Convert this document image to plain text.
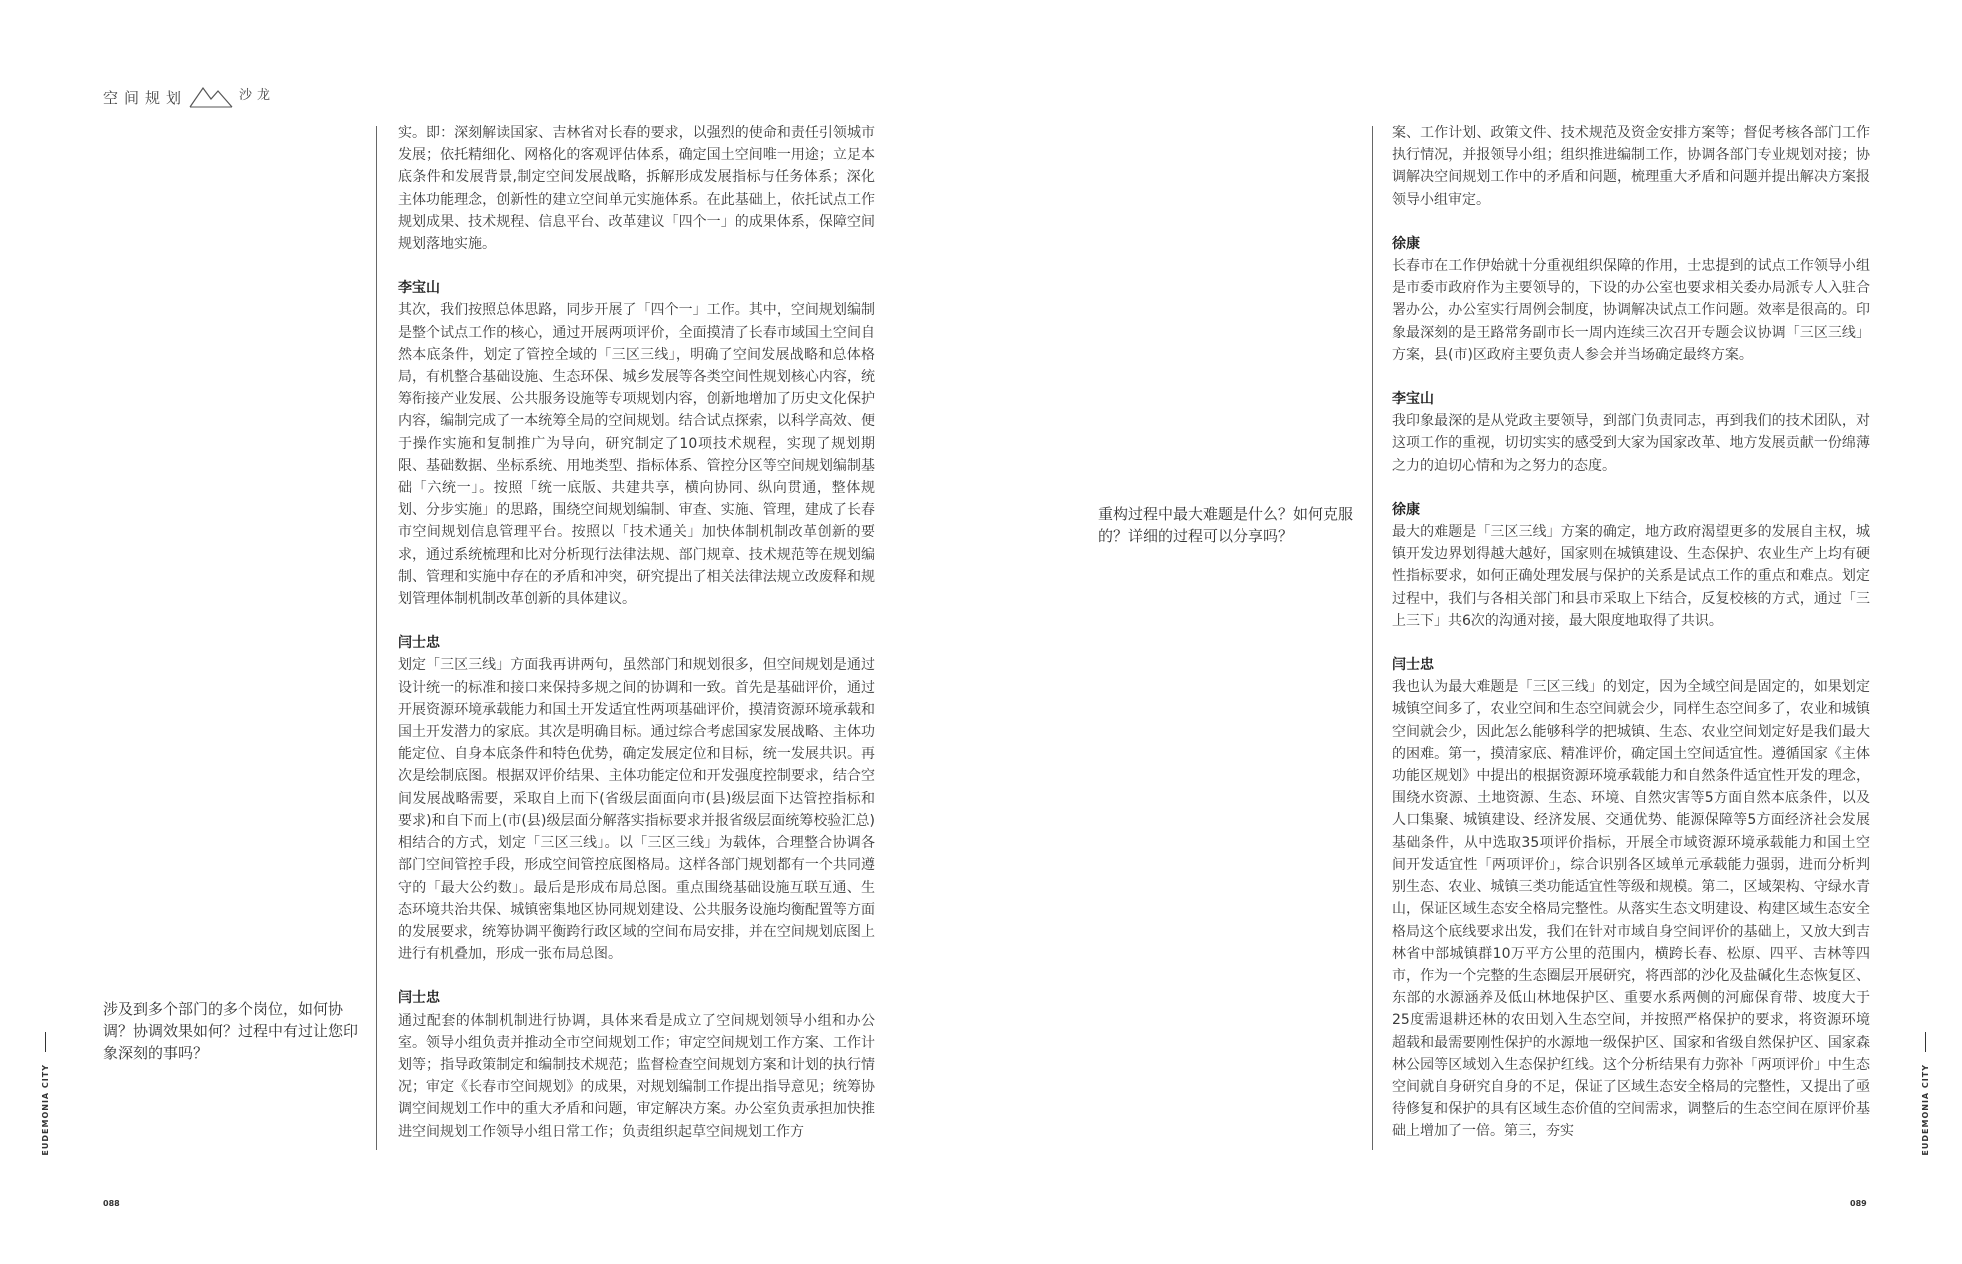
空间规划	沙龙

涉及到多个部门的多个岗位，如何协调？协调效果如何？过程中有过让您印象深刻的事吗？

EUDEMONIA CITY

实。即：深刻解读国家、吉林省对长春的要求，以强烈的使命和责任引领城市发展；依托精细化、网格化的客观评估体系，确定国土空间唯一用途；立足本底条件和发展背景,制定空间发展战略，拆解形成发展指标与任务体系；深化主体功能理念，创新性的建立空间单元实施体系。在此基础上，依托试点工作规划成果、技术规程、信息平台、改革建议「四个一」的成果体系，保障空间规划落地实施。

李宝山

其次，我们按照总体思路，同步开展了「四个一」工作。其中，空间规划编制是整个试点工作的核心，通过开展两项评价，全面摸清了长春市域国土空间自然本底条件，划定了管控全域的「三区三线」，明确了空间发展战略和总体格局，有机整合基础设施、生态环保、城乡发展等各类空间性规划核心内容，统筹衔接产业发展、公共服务设施等专项规划内容，创新地增加了历史文化保护内容，编制完成了一本统筹全局的空间规划。结合试点探索，以科学高效、便于操作实施和复制推广为导向，研究制定了10项技术规程，实现了规划期限、基础数据、坐标系统、用地类型、指标体系、管控分区等空间规划编制基础「六统一」。按照「统一底版、共建共享，横向协同、纵向贯通，整体规划、分步实施」的思路，围绕空间规划编制、审查、实施、管理，建成了长春市空间规划信息管理平台。按照以「技术通关」加快体制机制改革创新的要求，通过系统梳理和比对分析现行法律法规、部门规章、技术规范等在规划编制、管理和实施中存在的矛盾和冲突，研究提出了相关法律法规立改废释和规划管理体制机制改革创新的具体建议。

闫士忠

划定「三区三线」方面我再讲两句，虽然部门和规划很多，但空间规划是通过设计统一的标准和接口来保持多规之间的协调和一致。首先是基础评价，通过开展资源环境承载能力和国土开发适宜性两项基础评价，摸清资源环境承载和国土开发潜力的家底。其次是明确目标。通过综合考虑国家发展战略、主体功能定位、自身本底条件和特色优势，确定发展定位和目标，统一发展共识。再次是绘制底图。根据双评价结果、主体功能定位和开发强度控制要求，结合空间发展战略需要，采取自上而下(省级层面面向市(县)级层面下达管控指标和要求)和自下而上(市(县)级层面分解落实指标要求并报省级层面统筹校验汇总)相结合的方式，划定「三区三线」。以「三区三线」为载体，合理整合协调各部门空间管控手段，形成空间管控底图格局。这样各部门规划都有一个共同遵守的「最大公约数」。最后是形成布局总图。重点围绕基础设施互联互通、生态环境共治共保、城镇密集地区协同规划建设、公共服务设施均衡配置等方面的发展要求，统筹协调平衡跨行政区域的空间布局安排，并在空间规划底图上进行有机叠加，形成一张布局总图。

闫士忠

通过配套的体制机制进行协调，具体来看是成立了空间规划领导小组和办公室。领导小组负责并推动全市空间规划工作；审定空间规划工作方案、工作计划等；指导政策制定和编制技术规范；监督检查空间规划方案和计划的执行情况；审定《长春市空间规划》的成果，对规划编制工作提出指导意见；统筹协调空间规划工作中的重大矛盾和问题，审定解决方案。办公室负责承担加快推进空间规划工作领导小组日常工作；负责组织起草空间规划工作方

088

重构过程中最大难题是什么？如何克服的？详细的过程可以分享吗？

案、工作计划、政策文件、技术规范及资金安排方案等；督促考核各部门工作执行情况，并报领导小组；组织推进编制工作，协调各部门专业规划对接；协调解决空间规划工作中的矛盾和问题，梳理重大矛盾和问题并提出解决方案报领导小组审定。

徐康

长春市在工作伊始就十分重视组织保障的作用，士忠提到的试点工作领导小组是市委市政府作为主要领导的，下设的办公室也要求相关委办局派专人入驻合署办公，办公室实行周例会制度，协调解决试点工作问题。效率是很高的。印象最深刻的是王路常务副市长一周内连续三次召开专题会议协调「三区三线」方案，县(市)区政府主要负责人参会并当场确定最终方案。

李宝山

我印象最深的是从党政主要领导，到部门负责同志，再到我们的技术团队，对这项工作的重视，切切实实的感受到大家为国家改革、地方发展贡献一份绵薄之力的迫切心情和为之努力的态度。

徐康

最大的难题是「三区三线」方案的确定，地方政府渴望更多的发展自主权，城镇开发边界划得越大越好，国家则在城镇建设、生态保护、农业生产上均有硬性指标要求，如何正确处理发展与保护的关系是试点工作的重点和难点。划定过程中，我们与各相关部门和县市采取上下结合，反复校核的方式，通过「三上三下」共6次的沟通对接，最大限度地取得了共识。

闫士忠

我也认为最大难题是「三区三线」的划定，因为全域空间是固定的，如果划定城镇空间多了，农业空间和生态空间就会少，同样生态空间多了，农业和城镇空间就会少，因此怎么能够科学的把城镇、生态、农业空间划定好是我们最大的困难。第一，摸清家底、精准评价，确定国土空间适宜性。遵循国家《主体功能区规划》中提出的根据资源环境承载能力和自然条件适宜性开发的理念，围绕水资源、土地资源、生态、环境、自然灾害等5方面自然本底条件，以及人口集聚、城镇建设、经济发展、交通优势、能源保障等5方面经济社会发展基础条件，从中选取35项评价指标，开展全市域资源环境承载能力和国土空间开发适宜性「两项评价」，综合识别各区域单元承载能力强弱，进而分析判别生态、农业、城镇三类功能适宜性等级和规模。第二，区域架构、守绿水青山，保证区域生态安全格局完整性。从落实生态文明建设、构建区域生态安全格局这个底线要求出发，我们在针对市域自身空间评价的基础上，又放大到吉林省中部城镇群10万平方公里的范围内，横跨长春、松原、四平、吉林等四市，作为一个完整的生态圈层开展研究，将西部的沙化及盐碱化生态恢复区、东部的水源涵养及低山林地保护区、重要水系两侧的河廊保育带、坡度大于25度需退耕还林的农田划入生态空间，并按照严格保护的要求，将资源环境超载和最需要刚性保护的水源地一级保护区、国家和省级自然保护区、国家森林公园等区域划入生态保护红线。这个分析结果有力弥补「两项评价」中生态空间就自身研究自身的不足，保证了区域生态安全格局的完整性，又提出了亟待修复和保护的具有区域生态价值的空间需求，调整后的生态空间在原评价基础上增加了一倍。第三，夯实	EUDEMONIA CITY
089
